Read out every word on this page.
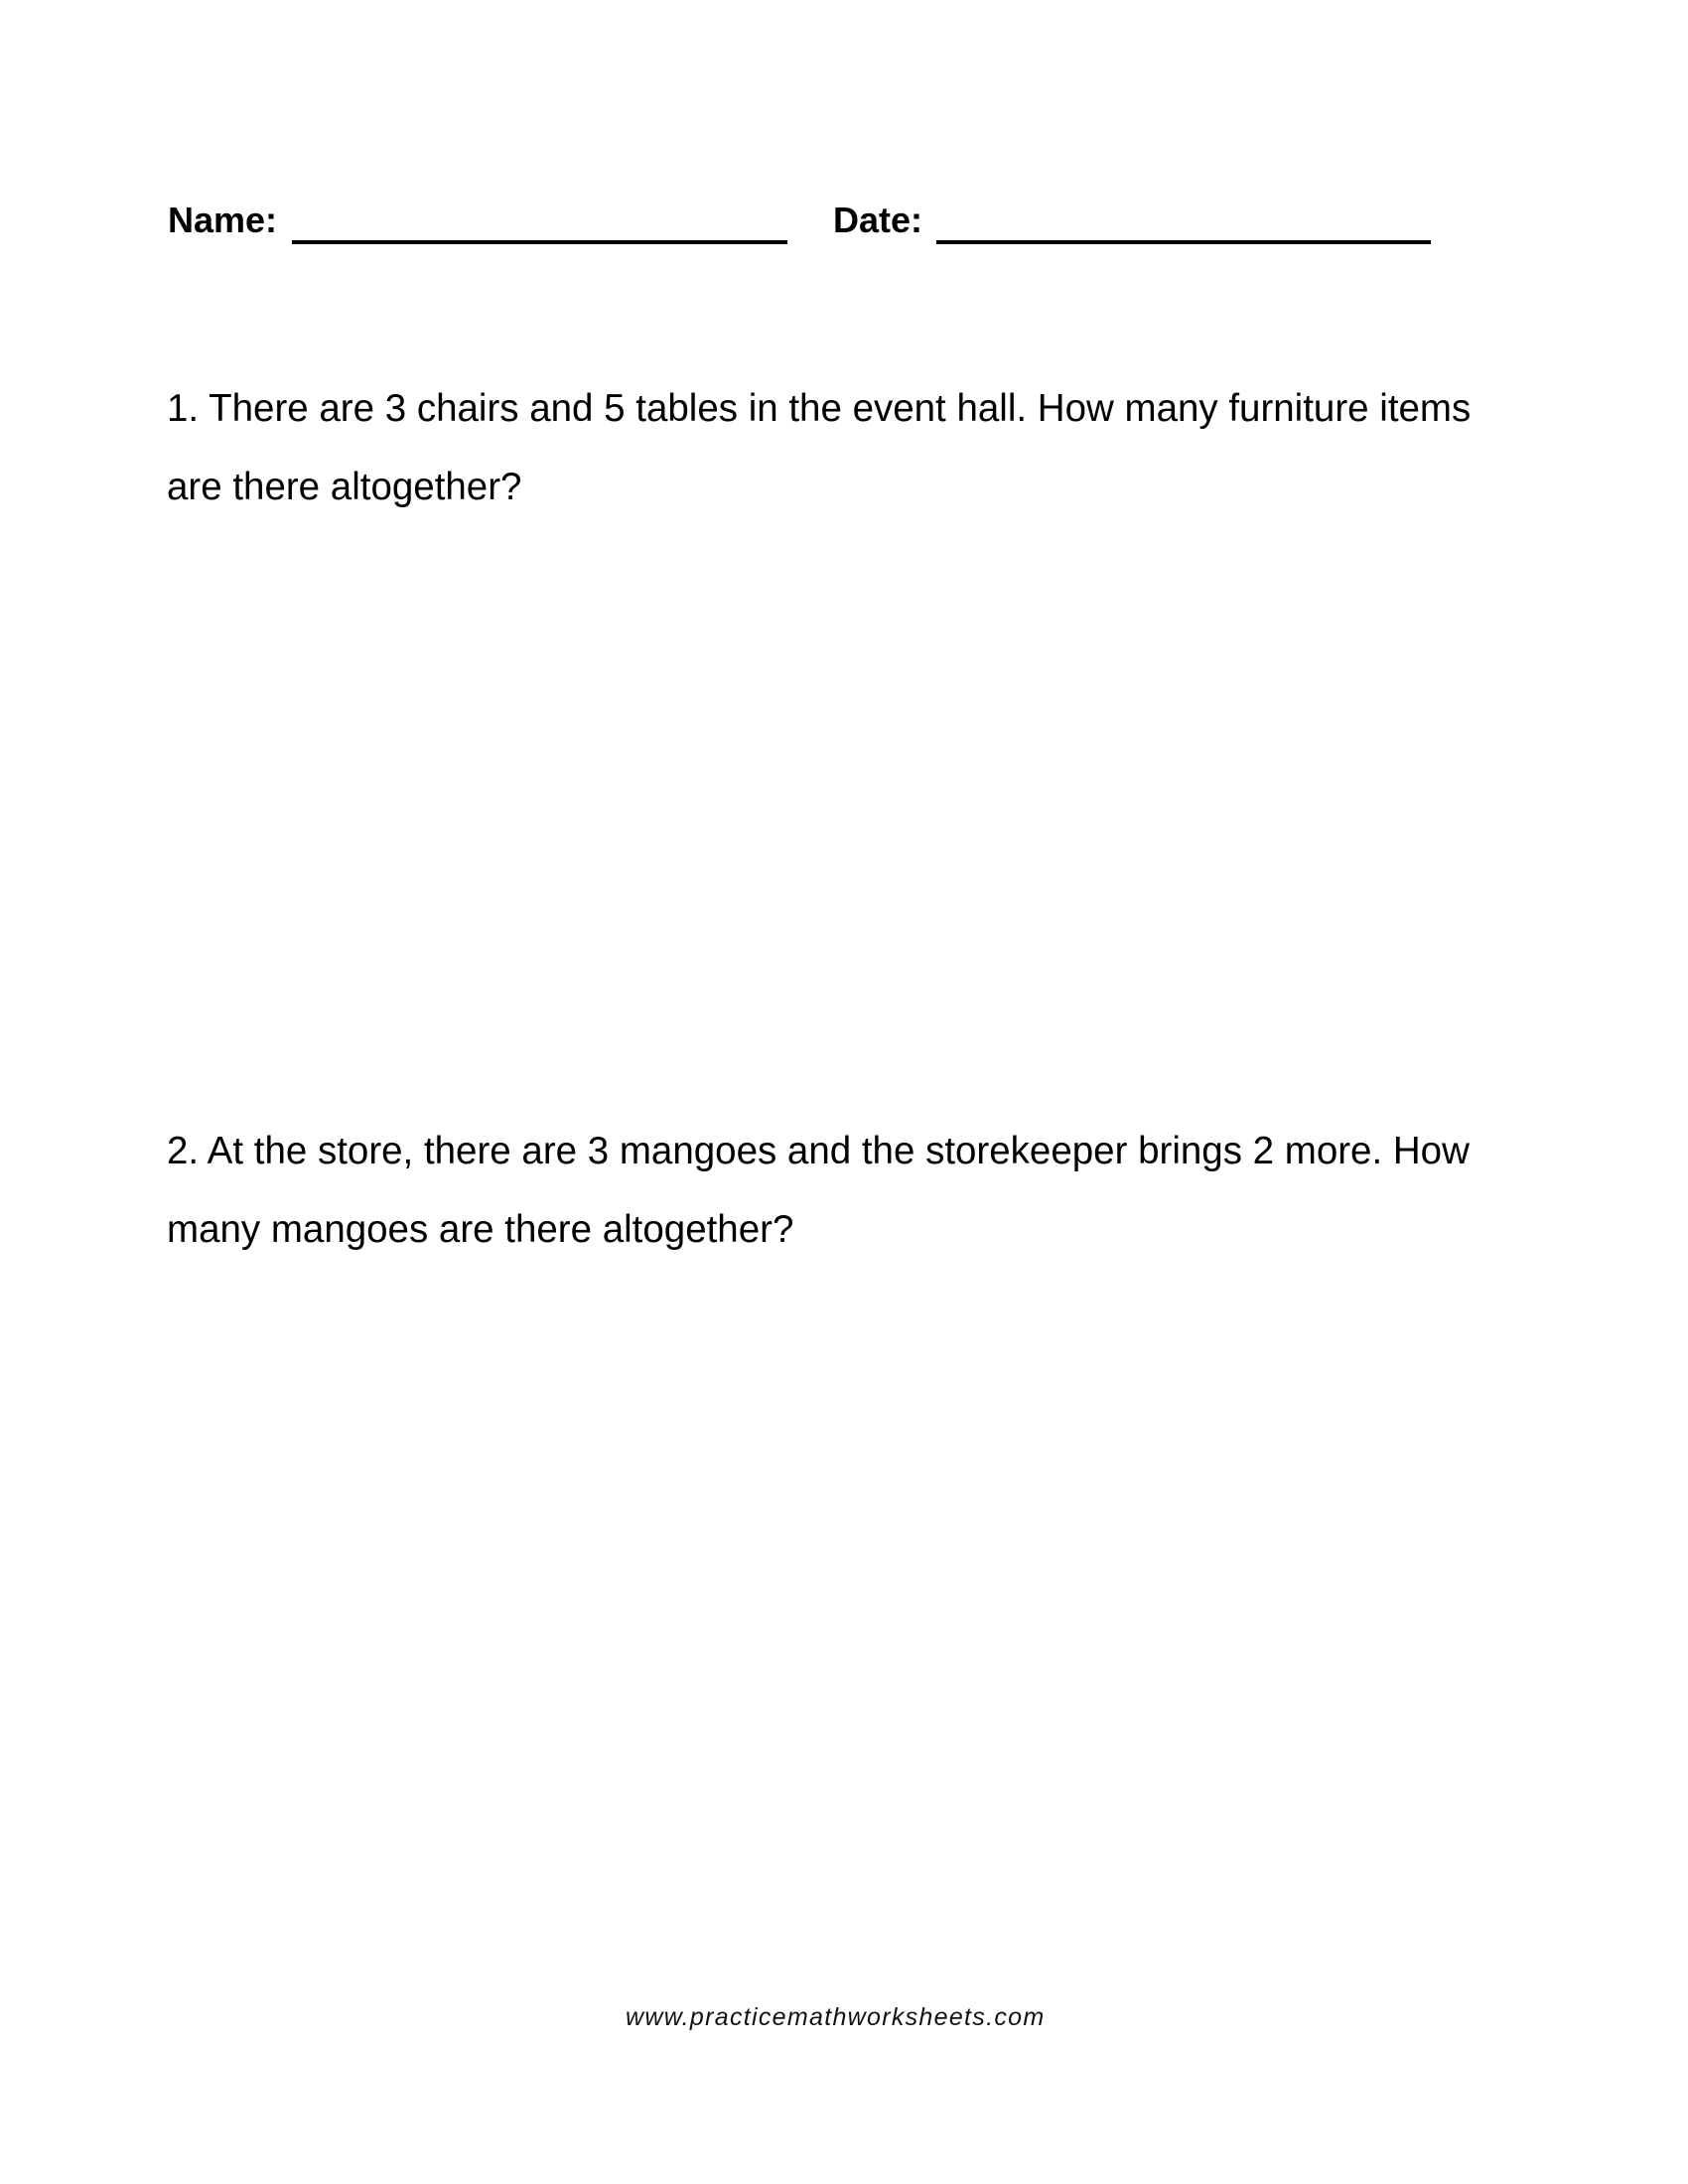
Name:	Date:
1. There are 3 chairs and 5 tables in the event hall. How many furniture items
are there altogether?
2. At the store, there are 3 mangoes and the storekeeper brings 2 more. How
many mangoes are there altogether?
www.practicemathworksheets.com
